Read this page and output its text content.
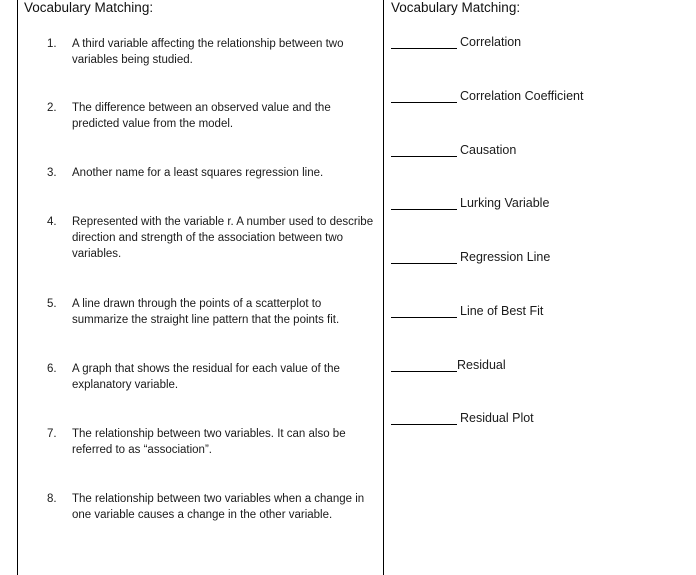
Vocabulary Matching:	Vocabulary Matching:
1.	A third variable affecting the relationship between two variables being studied.
2.	The difference between an observed value and the predicted value from the model.
3.	Another name for a least squares regression line.
4.	Represented with the variable r. A number used to describe direction and strength of the association between two variables.
5.	A line drawn through the points of a scatterplot to summarize the straight line pattern that the points fit.
6.	A graph that shows the residual for each value of the explanatory variable.
7.	The relationship between two variables. It can also be referred to as “association”.
8.	The relationship between two variables when a change in one variable causes a change in the other variable.
Correlation
Correlation Coefficient
Causation
Lurking Variable
Regression Line
Line of Best Fit
Residual
Residual Plot
